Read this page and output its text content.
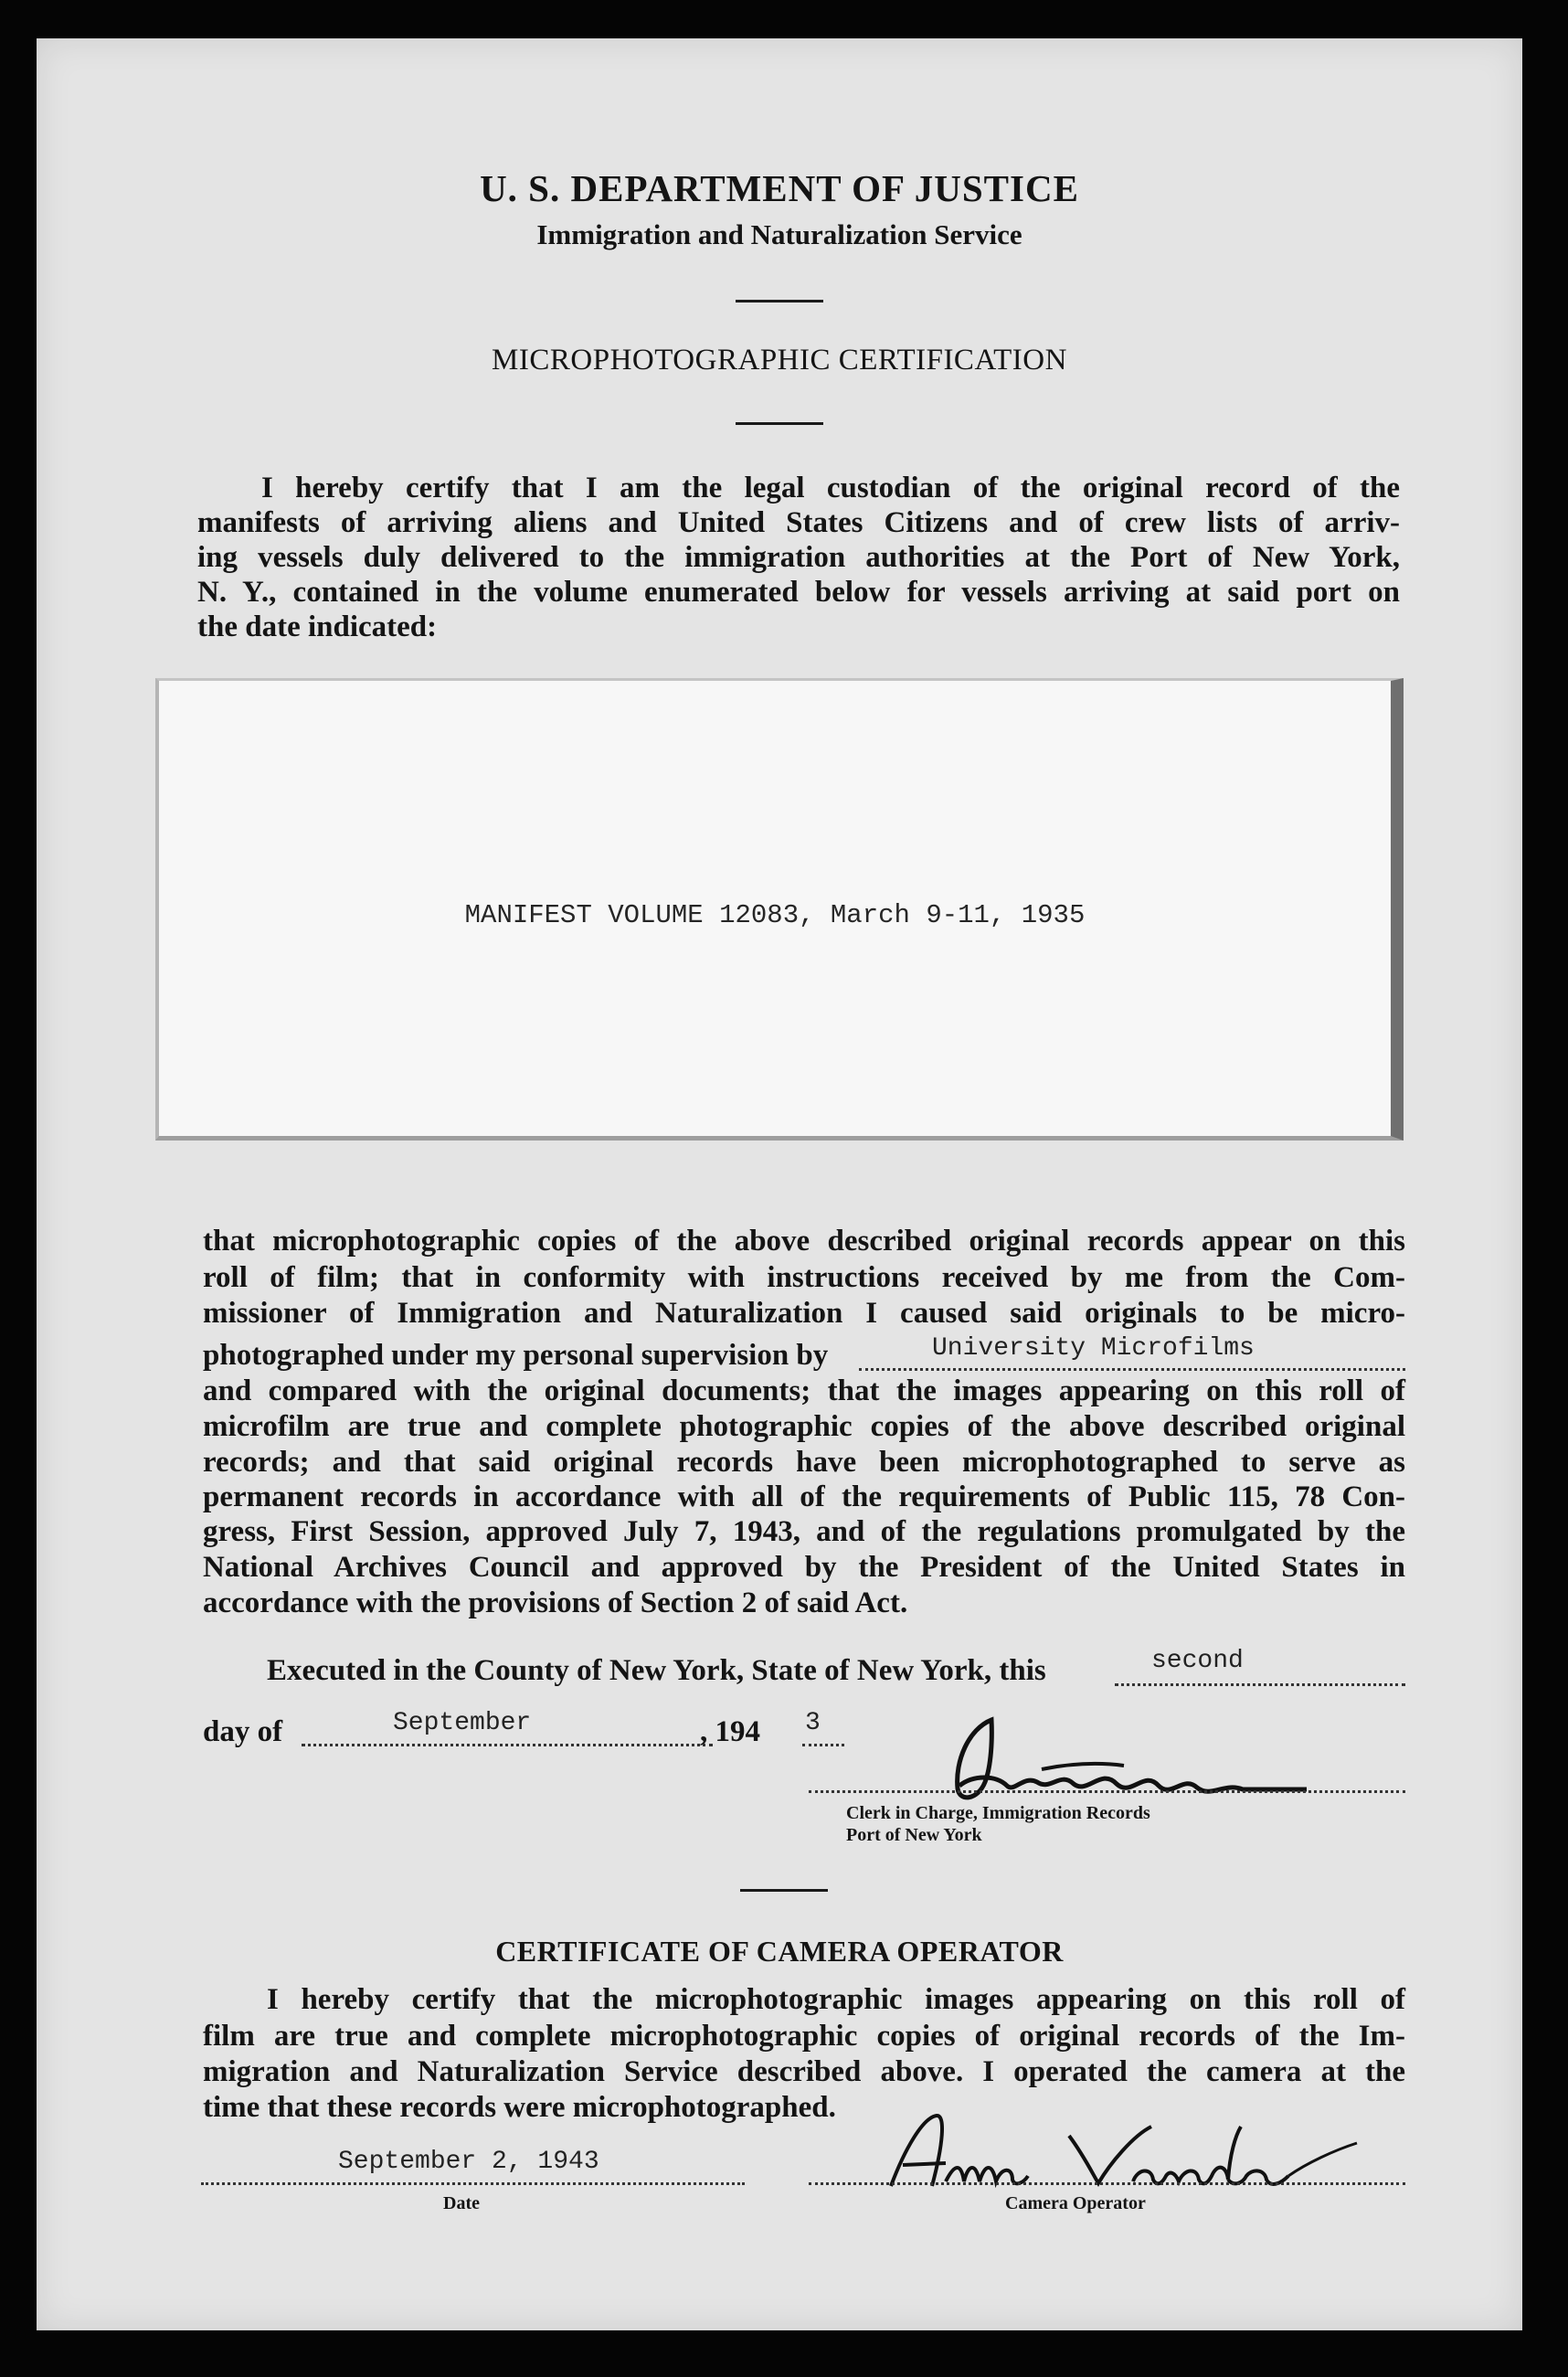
U. S. DEPARTMENT OF JUSTICE
Immigration and Naturalization Service
MICROPHOTOGRAPHIC CERTIFICATION
I hereby certify that I am the legal custodian of the original record of the
manifests of arriving aliens and United States Citizens and of crew lists of arriv-
ing vessels duly delivered to the immigration authorities at the Port of New York,
N. Y., contained in the volume enumerated below for vessels arriving at said port on
the date indicated:
MANIFEST VOLUME 12083, March 9-11, 1935
that microphotographic copies of the above described original records appear on this
roll of film; that in conformity with instructions received by me from the Com-
missioner of Immigration and Naturalization I caused said originals to be micro-
photographed under my personal supervision by	University Microfilms
and compared with the original documents; that the images appearing on this roll of
microfilm are true and complete photographic copies of the above described original
records; and that said original records have been microphotographed to serve as
permanent records in accordance with all of the requirements of Public 115, 78 Con-
gress, First Session, approved July 7, 1943, and of the regulations promulgated by the
National Archives Council and approved by the President of the United States in
accordance with the provisions of Section 2 of said Act.
Executed in the County of New York, State of New York, this	second
day of	September	, 194 3
Clerk in Charge, Immigration Records
Port of New York
CERTIFICATE OF CAMERA OPERATOR
I hereby certify that the microphotographic images appearing on this roll of
film are true and complete microphotographic copies of original records of the Im-
migration and Naturalization Service described above. I operated the camera at the
time that these records were microphotographed.
September 2, 1943
Date	Camera Operator
